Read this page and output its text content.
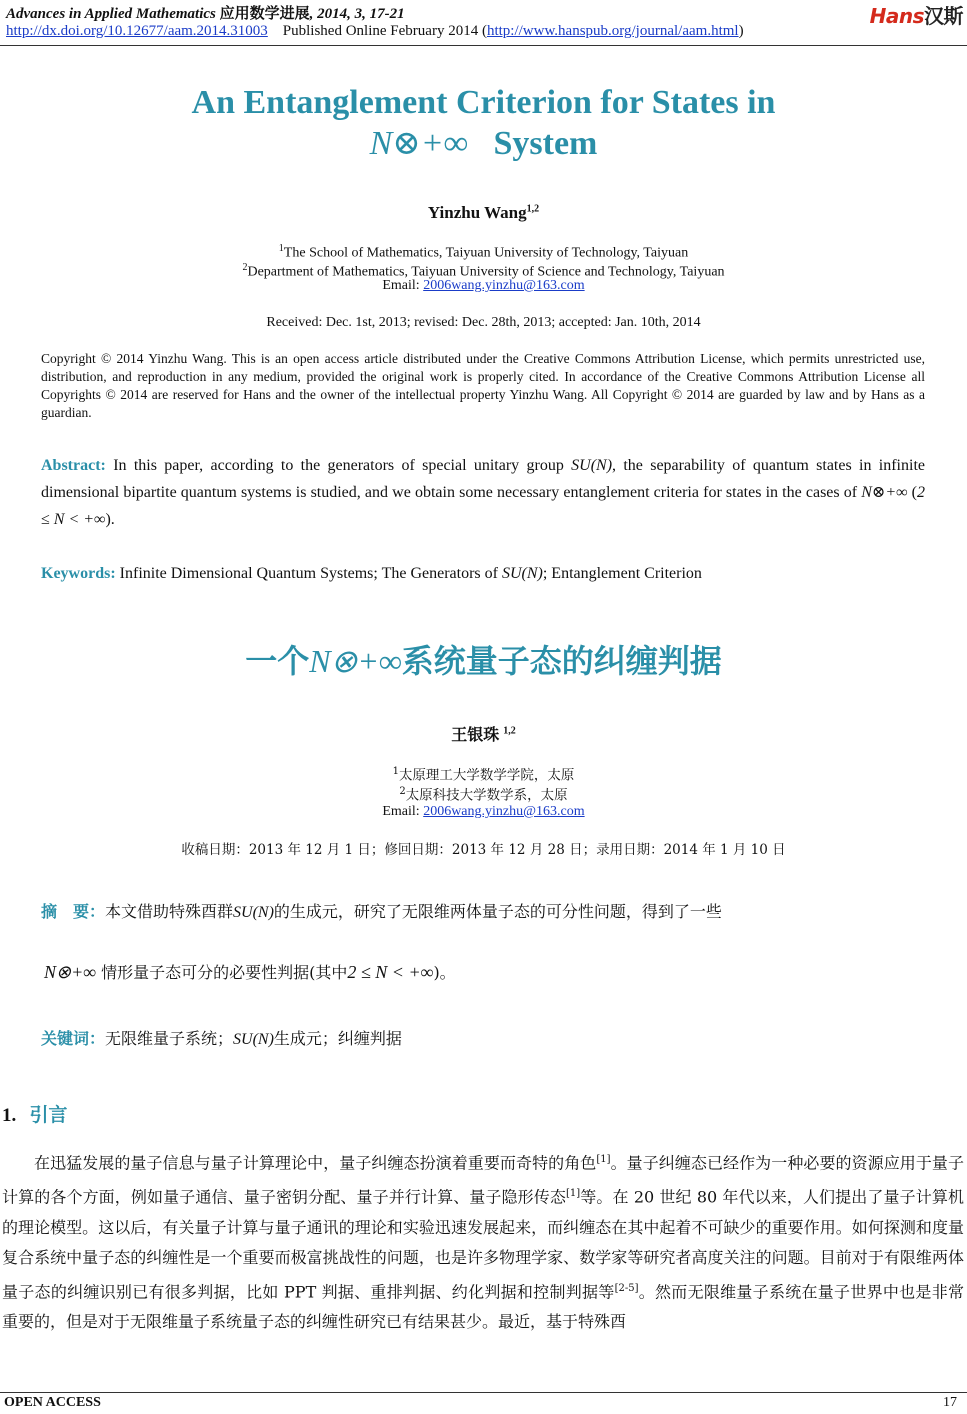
Advances in Applied Mathematics 应用数学进展, 2014, 3, 17-21	Hans汉斯
http://dx.doi.org/10.12677/aam.2014.31003 Published Online February 2014 (http://www.hanspub.org/journal/aam.html)
An Entanglement Criterion for States in
N⊗+∞ System
Yinzhu Wang$^{1,2}$
$^1$The School of Mathematics, Taiyuan University of Technology, Taiyuan
$^2$Department of Mathematics, Taiyuan University of Science and Technology, Taiyuan
Email: 2006wang.yinzhu@163.com
Received: Dec. 1st, 2013; revised: Dec. 28th, 2013; accepted: Jan. 10th, 2014
Copyright © 2014 Yinzhu Wang. This is an open access article distributed under the Creative Commons Attribution License, which permits unrestricted use, distribution, and reproduction in any medium, provided the original work is properly cited. In accordance of the Creative Commons Attribution License all Copyrights © 2014 are reserved for Hans and the owner of the intellectual property Yinzhu Wang. All Copyright © 2014 are guarded by law and by Hans as a guardian.
Abstract: In this paper, according to the generators of special unitary group SU(N), the separability of quantum states in infinite dimensional bipartite quantum systems is studied, and we obtain some necessary entanglement criteria for states in the cases of N⊗+∞ (2 ≤ N < +∞).
Keywords: Infinite Dimensional Quantum Systems; The Generators of SU(N); Entanglement Criterion
一个N⊗+∞系统量子态的纠缠判据
王银珠 $^{1,2}$
$^1$太原理工大学数学学院，太原
$^2$太原科技大学数学系，太原
Email: 2006wang.yinzhu@163.com
收稿日期：2013 年 12 月 1 日；修回日期：2013 年 12 月 28 日；录用日期：2014 年 1 月 10 日
摘　要：本文借助特殊酉群SU(N)的生成元，研究了无限维两体量子态的可分性问题，得到了一些
N⊗+∞ 情形量子态可分的必要性判据(其中2 ≤ N < +∞)。
关键词：无限维量子系统；SU(N)生成元；纠缠判据
1. 引言
在迅猛发展的量子信息与量子计算理论中，量子纠缠态扮演着重要而奇特的角色[1]。量子纠缠态已经作为一种必要的资源应用于量子计算的各个方面，例如量子通信、量子密钥分配、量子并行计算、量子隐形传态[1]等。在 20 世纪 80 年代以来，人们提出了量子计算机的理论模型。这以后，有关量子计算与量子通讯的理论和实验迅速发展起来，而纠缠态在其中起着不可缺少的重要作用。如何探测和度量复合系统中量子态的纠缠性是一个重要而极富挑战性的问题，也是许多物理学家、数学家等研究者高度关注的问题。目前对于有限维两体量子态的纠缠识别已有很多判据，比如 PPT 判据、重排判据、约化判据和控制判据等[2-5]。然而无限维量子系统在量子世界中也是非常重要的，但是对于无限维量子系统量子态的纠缠性研究已有结果甚少。最近，基于特殊酉
OPEN ACCESS	17
